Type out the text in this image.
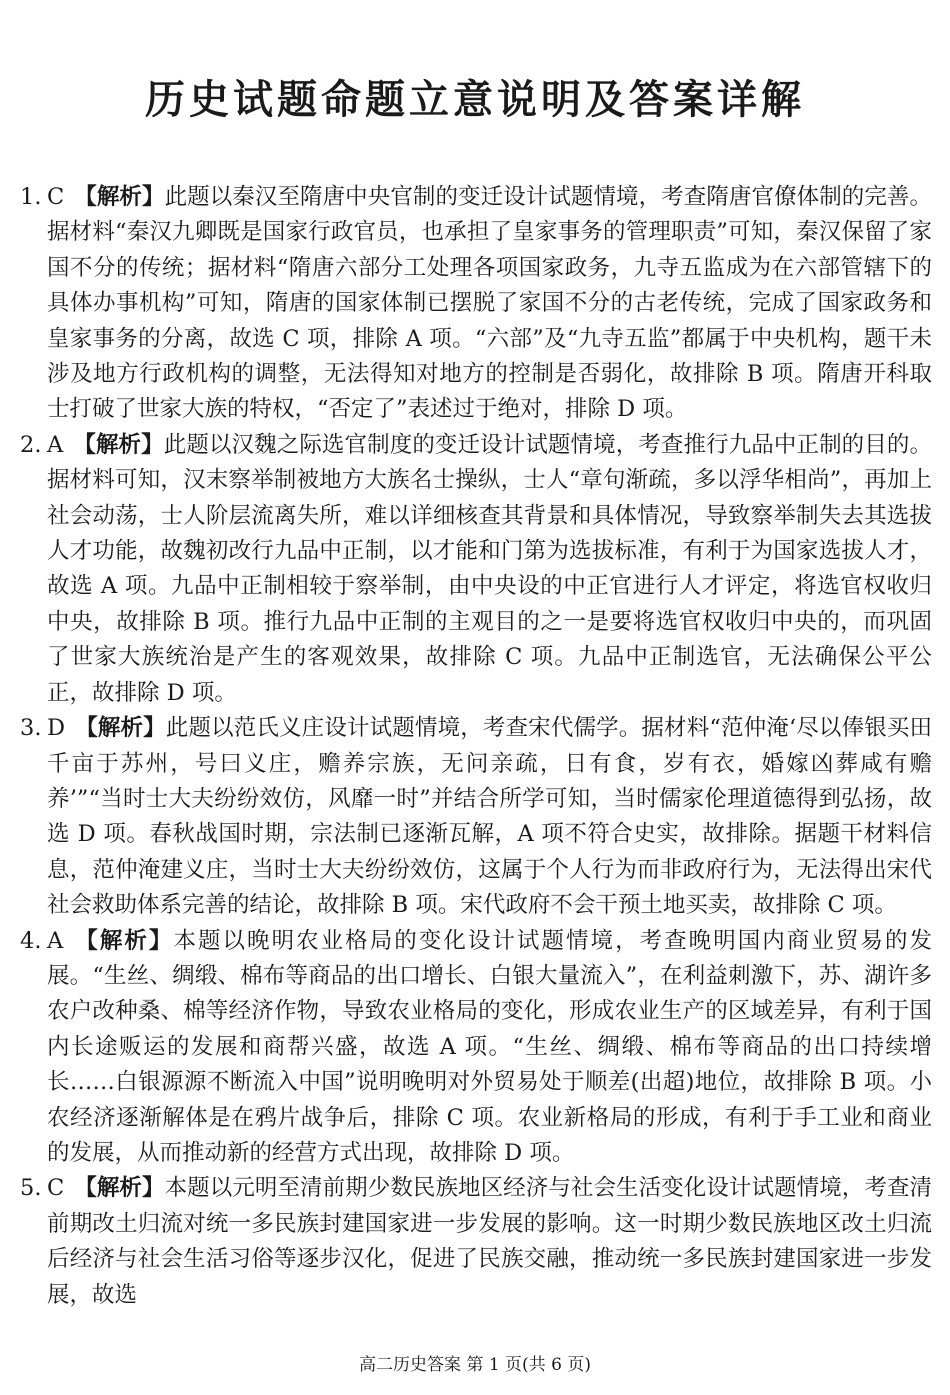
历史试题命题立意说明及答案详解

1. C 【解析】此题以秦汉至隋唐中央官制的变迁设计试题情境，考查隋唐官僚体制的完善。据材料“秦汉九卿既是国家行政官员，也承担了皇家事务的管理职责”可知，秦汉保留了家国不分的传统；据材料“隋唐六部分工处理各项国家政务，九寺五监成为在六部管辖下的具体办事机构”可知，隋唐的国家体制已摆脱了家国不分的古老传统，完成了国家政务和皇家事务的分离，故选 C 项，排除 A 项。“六部”及“九寺五监”都属于中央机构，题干未涉及地方行政机构的调整，无法得知对地方的控制是否弱化，故排除 B 项。隋唐开科取士打破了世家大族的特权，“否定了”表述过于绝对，排除 D 项。

2. A 【解析】此题以汉魏之际选官制度的变迁设计试题情境，考查推行九品中正制的目的。据材料可知，汉末察举制被地方大族名士操纵，士人“章句渐疏，多以浮华相尚”，再加上社会动荡，士人阶层流离失所，难以详细核查其背景和具体情况，导致察举制失去其选拔人才功能，故魏初改行九品中正制，以才能和门第为选拔标准，有利于为国家选拔人才，故选 A 项。九品中正制相较于察举制，由中央设的中正官进行人才评定，将选官权收归中央，故排除 B 项。推行九品中正制的主观目的之一是要将选官权收归中央的，而巩固了世家大族统治是产生的客观效果，故排除 C 项。九品中正制选官，无法确保公平公正，故排除 D 项。

3. D 【解析】此题以范氏义庄设计试题情境，考查宋代儒学。据材料“范仲淹‘尽以俸银买田千亩于苏州，号曰义庄，赡养宗族，无问亲疏，日有食，岁有衣，婚嫁凶葬咸有赡养’”“当时士大夫纷纷效仿，风靡一时”并结合所学可知，当时儒家伦理道德得到弘扬，故选 D 项。春秋战国时期，宗法制已逐渐瓦解，A 项不符合史实，故排除。据题干材料信息，范仲淹建义庄，当时士大夫纷纷效仿，这属于个人行为而非政府行为，无法得出宋代社会救助体系完善的结论，故排除 B 项。宋代政府不会干预土地买卖，故排除 C 项。

4. A 【解析】本题以晚明农业格局的变化设计试题情境，考查晚明国内商业贸易的发展。“生丝、绸缎、棉布等商品的出口增长、白银大量流入”，在利益刺激下，苏、湖许多农户改种桑、棉等经济作物，导致农业格局的变化，形成农业生产的区域差异，有利于国内长途贩运的发展和商帮兴盛，故选 A 项。“生丝、绸缎、棉布等商品的出口持续增长……白银源源不断流入中国”说明晚明对外贸易处于顺差(出超)地位，故排除 B 项。小农经济逐渐解体是在鸦片战争后，排除 C 项。农业新格局的形成，有利于手工业和商业的发展，从而推动新的经营方式出现，故排除 D 项。

5. C 【解析】本题以元明至清前期少数民族地区经济与社会生活变化设计试题情境，考查清前期改土归流对统一多民族封建国家进一步发展的影响。这一时期少数民族地区改土归流后经济与社会生活习俗等逐步汉化，促进了民族交融，推动统一多民族封建国家进一步发展，故选

高二历史答案 第 1 页(共 6 页)
